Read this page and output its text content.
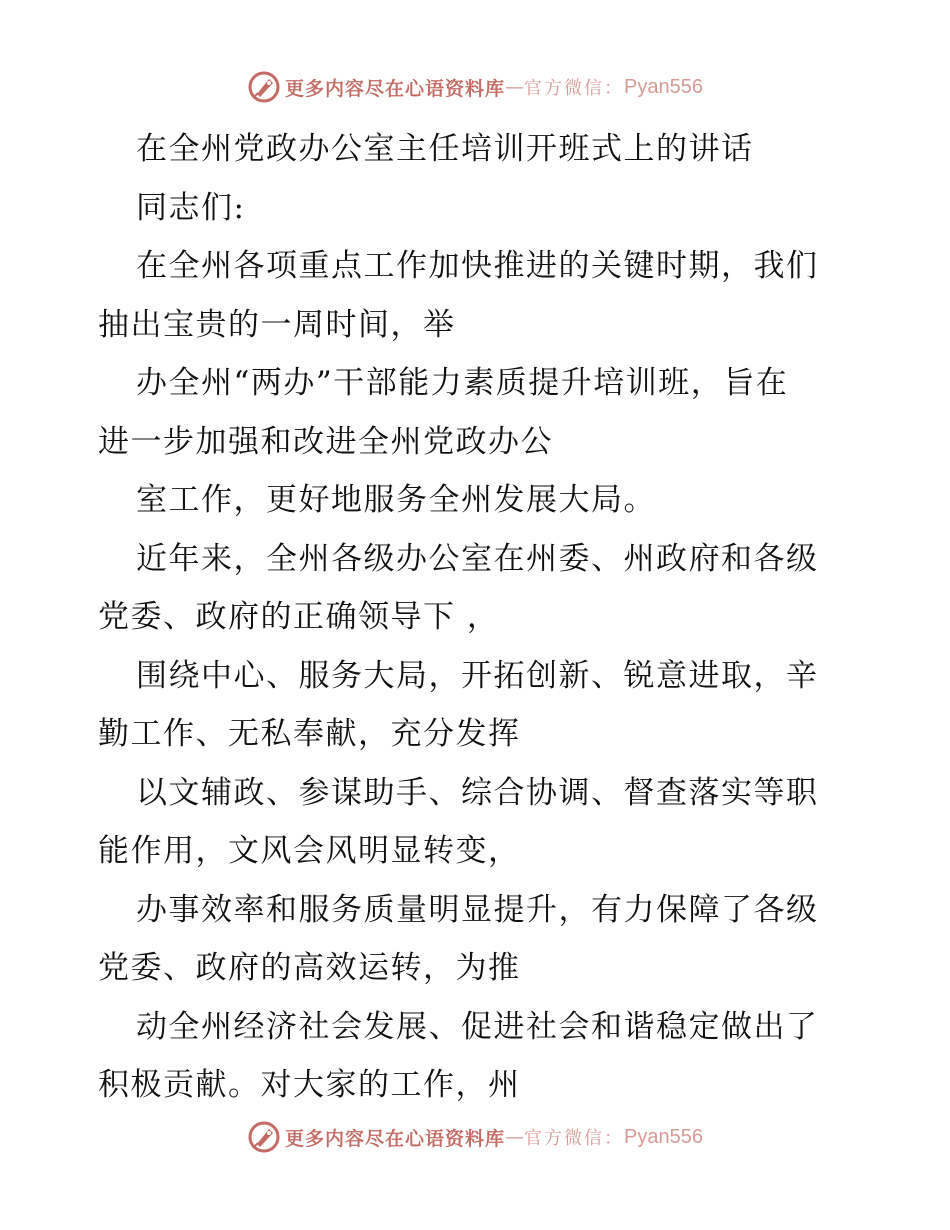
更多内容尽在心语资料库—官方微信：Pyan556
在全州党政办公室主任培训开班式上的讲话
同志们:
在全州各项重点工作加快推进的关键时期，我们
抽出宝贵的一周时间，举
办全州“两办”干部能力素质提升培训班，旨在
进一步加强和改进全州党政办公
室工作，更好地服务全州发展大局。
近年来，全州各级办公室在州委、州政府和各级
党委、政府的正确领导下 ，
围绕中心、服务大局，开拓创新、锐意进取，辛
勤工作、无私奉献，充分发挥
以文辅政、参谋助手、综合协调、督查落实等职
能作用，文风会风明显转变，
办事效率和服务质量明显提升，有力保障了各级
党委、政府的高效运转，为推
动全州经济社会发展、促进社会和谐稳定做出了
积极贡献。对大家的工作，州
更多内容尽在心语资料库—官方微信：Pyan556
